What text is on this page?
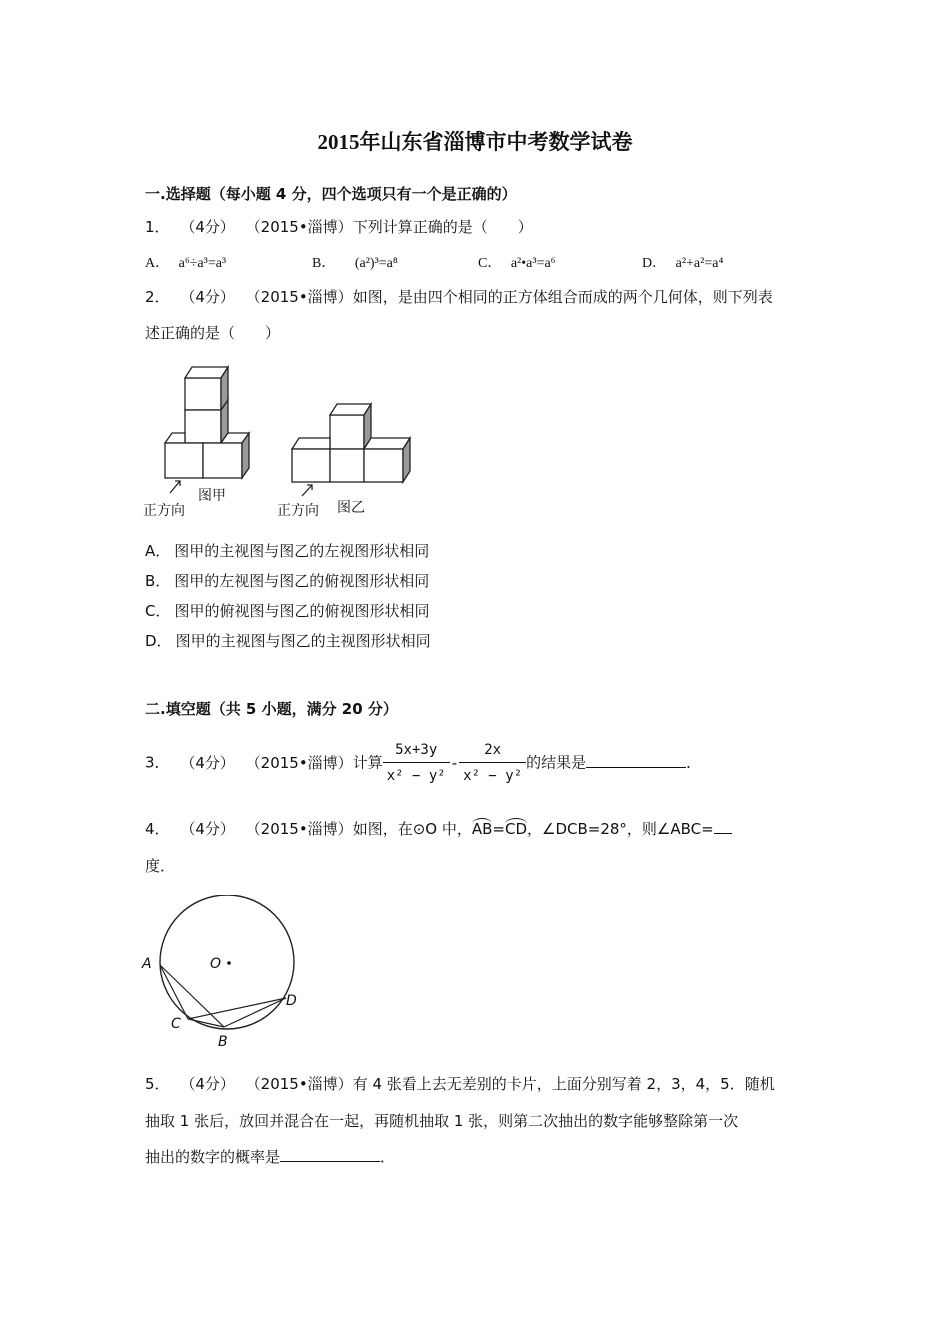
2015年山东省淄博市中考数学试卷
一.选择题（每小题 4 分，四个选项只有一个是正确的）
1． （4分） （2015•淄博）下列计算正确的是（　　）
A． a⁶÷a³=a³	B． (a²)³=a⁸	C． a²•a³=a⁶	D． a²+a²=a⁴
2． （4分） （2015•淄博）如图，是由四个相同的正方体组合而成的两个几何体，则下列表
述正确的是（　　）
正方向
图甲
正方向 图乙
A． 图甲的主视图与图乙的左视图形状相同
B． 图甲的左视图与图乙的俯视图形状相同
C． 图甲的俯视图与图乙的俯视图形状相同
D． 图甲的主视图与图乙的主视图形状相同
二.填空题（共 5 小题，满分 20 分）
3． （4分） （2015•淄博）计算 $\frac{5x+3y}{\text{x² − y²}} - \frac{2x}{\text{x² − y²}}$ 的结果是	．
4． （4分） （2015•淄博）如图，在⊙O 中，AB=CD，∠DCB=28°，则∠ABC=
度．
A
C
B
D
O
5． （4分） （2015•淄博）有 4 张看上去无差别的卡片，上面分别写着 2，3，4，5．随机
抽取 1 张后，放回并混合在一起，再随机抽取 1 张，则第二次抽出的数字能够整除第一次
抽出的数字的概率是	．
